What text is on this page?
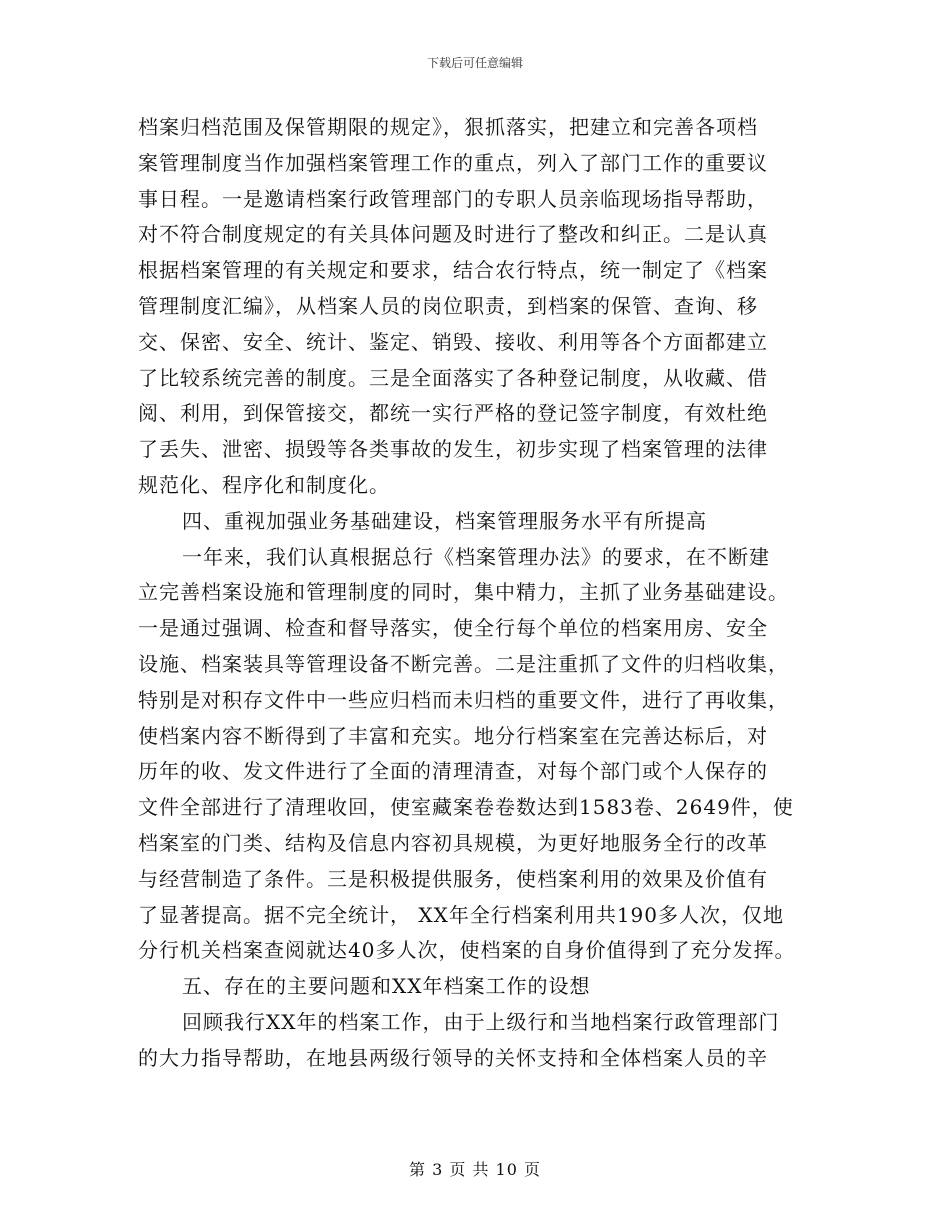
下载后可任意编辑
档案归档范围及保管期限的规定》，狠抓落实，把建立和完善各项档
案管理制度当作加强档案管理工作的重点，列入了部门工作的重要议
事日程。一是邀请档案行政管理部门的专职人员亲临现场指导帮助，
对不符合制度规定的有关具体问题及时进行了整改和纠正。二是认真
根据档案管理的有关规定和要求，结合农行特点，统一制定了《档案
管理制度汇编》，从档案人员的岗位职责，到档案的保管、查询、移
交、保密、安全、统计、鉴定、销毁、接收、利用等各个方面都建立
了比较系统完善的制度。三是全面落实了各种登记制度，从收藏、借
阅、利用，到保管接交，都统一实行严格的登记签字制度，有效杜绝
了丢失、泄密、损毁等各类事故的发生，初步实现了档案管理的法律
规范化、程序化和制度化。
四、重视加强业务基础建设，档案管理服务水平有所提高
一年来，我们认真根据总行《档案管理办法》的要求，在不断建
立完善档案设施和管理制度的同时，集中精力，主抓了业务基础建设。
一是通过强调、检查和督导落实，使全行每个单位的档案用房、安全
设施、档案装具等管理设备不断完善。二是注重抓了文件的归档收集，
特别是对积存文件中一些应归档而未归档的重要文件，进行了再收集，
使档案内容不断得到了丰富和充实。地分行档案室在完善达标后，对
历年的收、发文件进行了全面的清理清查，对每个部门或个人保存的
文件全部进行了清理收回，使室藏案卷卷数达到1583卷、2649件，使
档案室的门类、结构及信息内容初具规模，为更好地服务全行的改革
与经营制造了条件。三是积极提供服务，使档案利用的效果及价值有
了显著提高。据不完全统计， XX年全行档案利用共190多人次，仅地
分行机关档案查阅就达40多人次，使档案的自身价值得到了充分发挥。
五、存在的主要问题和XX年档案工作的设想
回顾我行XX年的档案工作，由于上级行和当地档案行政管理部门
的大力指导帮助，在地县两级行领导的关怀支持和全体档案人员的辛
第 3 页 共 10 页
